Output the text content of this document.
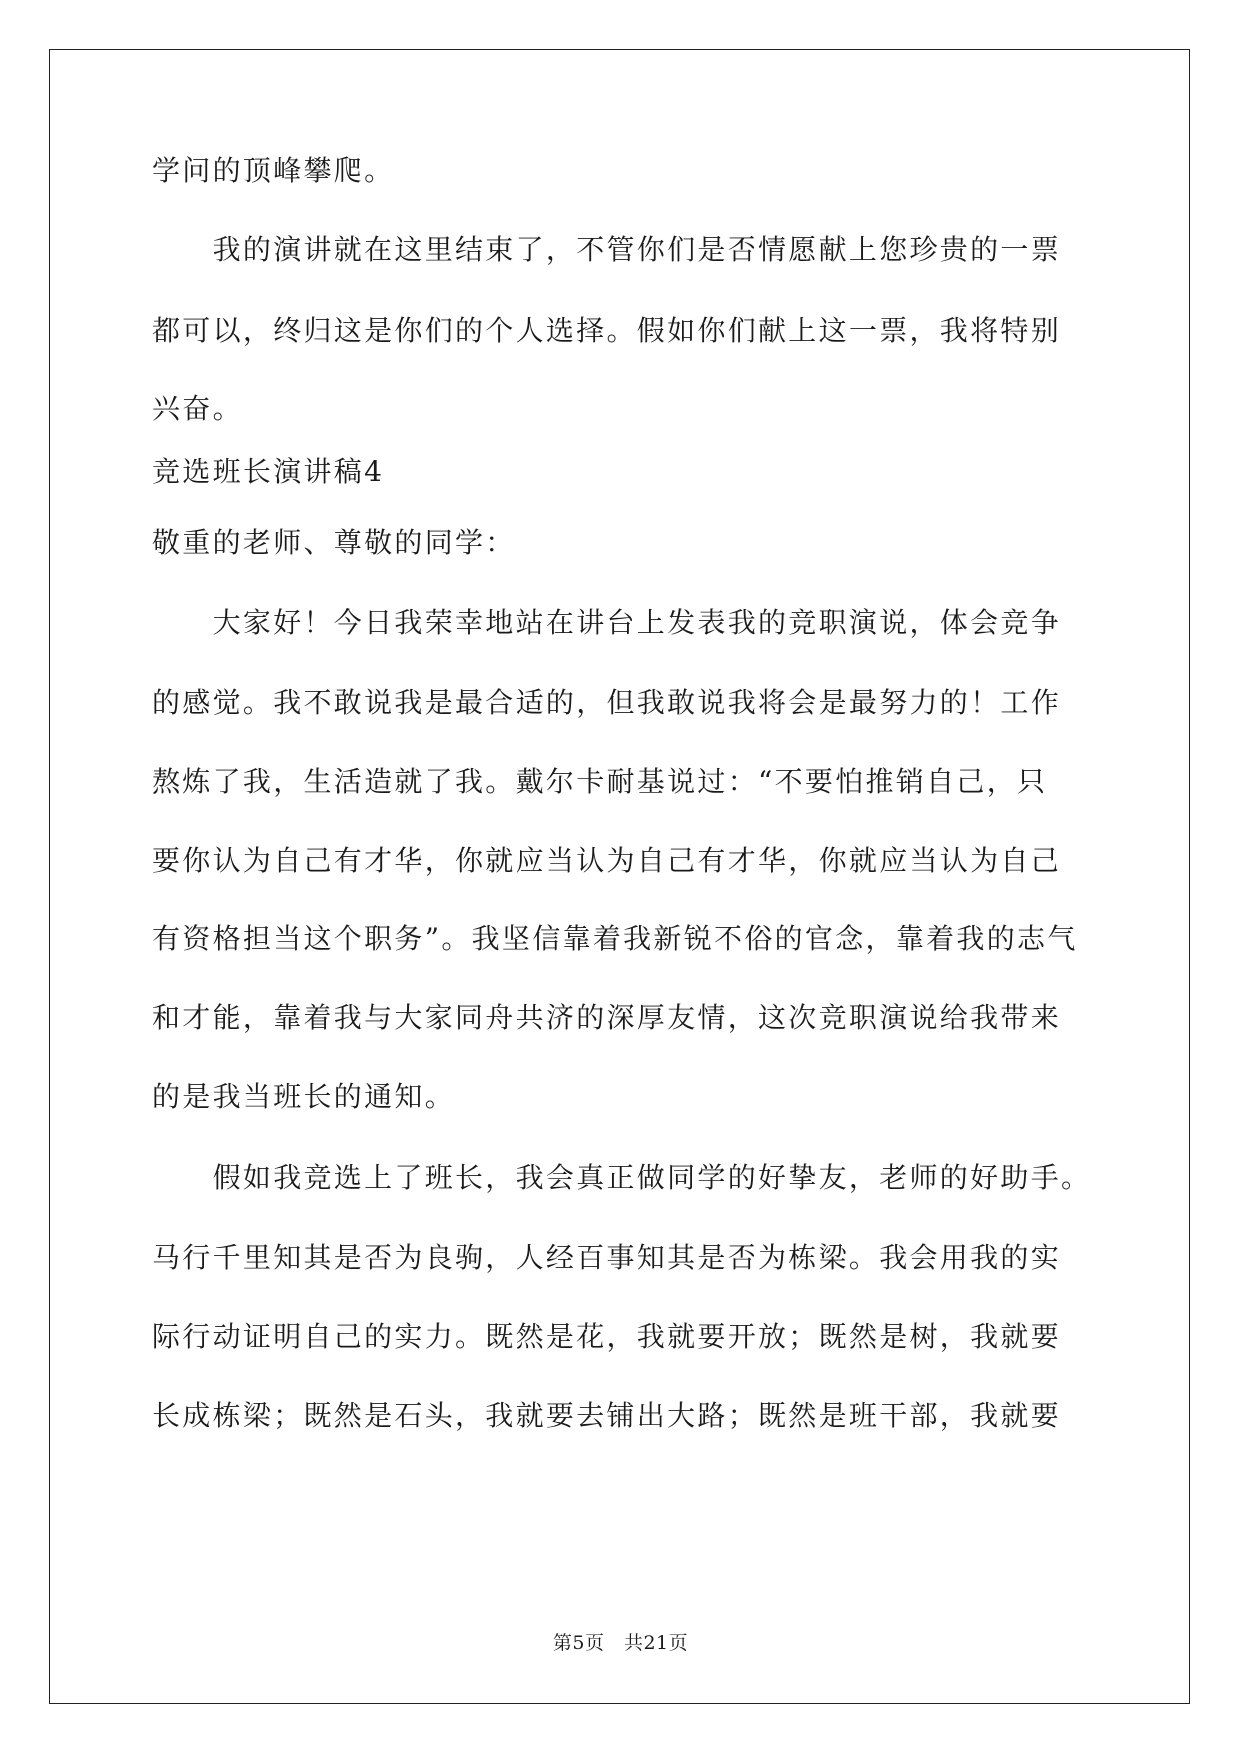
学问的顶峰攀爬。
　　我的演讲就在这里结束了，不管你们是否情愿献上您珍贵的一票
都可以，终归这是你们的个人选择。假如你们献上这一票，我将特别
兴奋。
竞选班长演讲稿4
敬重的老师、尊敬的同学：
　　大家好！今日我荣幸地站在讲台上发表我的竞职演说，体会竞争
的感觉。我不敢说我是最合适的，但我敢说我将会是最努力的！工作
熬炼了我，生活造就了我。戴尔卡耐基说过：“不要怕推销自己，只
要你认为自己有才华，你就应当认为自己有才华，你就应当认为自己
有资格担当这个职务”。我坚信靠着我新锐不俗的官念，靠着我的志气
和才能，靠着我与大家同舟共济的深厚友情，这次竞职演说给我带来
的是我当班长的通知。
　　假如我竞选上了班长，我会真正做同学的好挚友，老师的好助手。
马行千里知其是否为良驹，人经百事知其是否为栋梁。我会用我的实
际行动证明自己的实力。既然是花，我就要开放；既然是树，我就要
长成栋梁；既然是石头，我就要去铺出大路；既然是班干部，我就要
第5页　共21页
